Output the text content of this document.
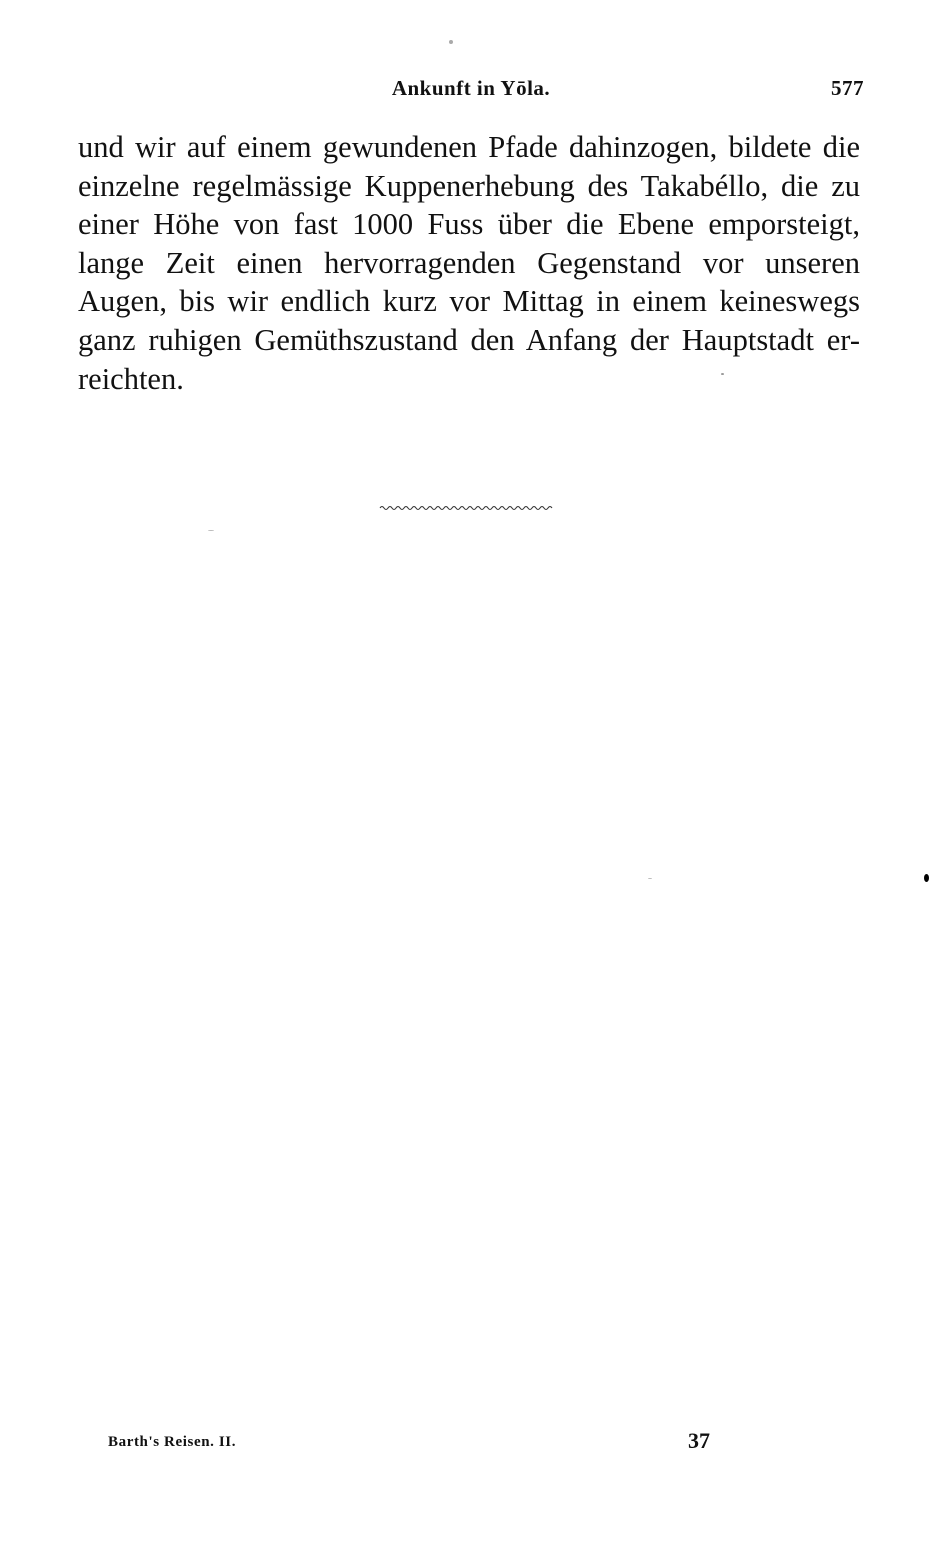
Ankunft in Yōla.	577
und wir auf einem gewundenen Pfade dahinzogen, bildete die
einzelne regelmässige Kuppenerhebung des Takabéllo, die zu
einer Höhe von fast 1000 Fuss über die Ebene emporsteigt,
lange Zeit einen hervorragenden Gegenstand vor unseren
Augen, bis wir endlich kurz vor Mittag in einem keineswegs
ganz ruhigen Gemüthszustand den Anfang der Hauptstadt er-
reichten.
Barth's Reisen. II.	37
